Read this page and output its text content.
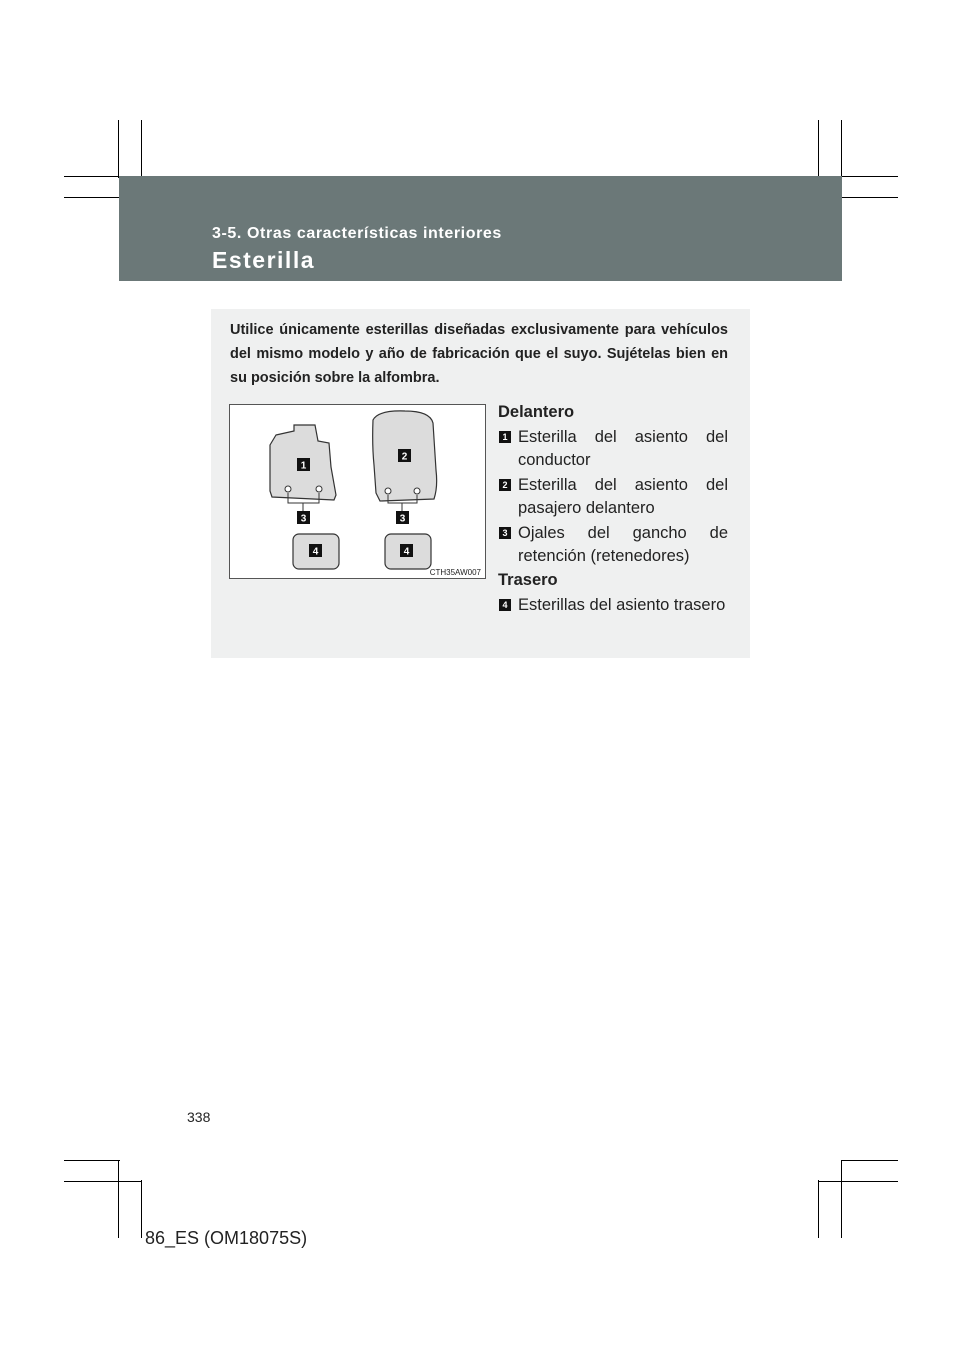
3-5. Otras características interiores
Esterilla
Utilice únicamente esterillas diseñadas exclusivamente para vehículos del mismo modelo y año de fabricación que el suyo. Sujételas bien en su posición sobre la alfombra.
1
2
3	3
4	4
CTH35AW007
Delantero
1 Esterilla del asiento del conductor
2 Esterilla del asiento del pasajero delantero
3 Ojales del gancho de retención (retenedores)
Trasero
4 Esterillas del asiento trasero
338
86_ES (OM18075S)
